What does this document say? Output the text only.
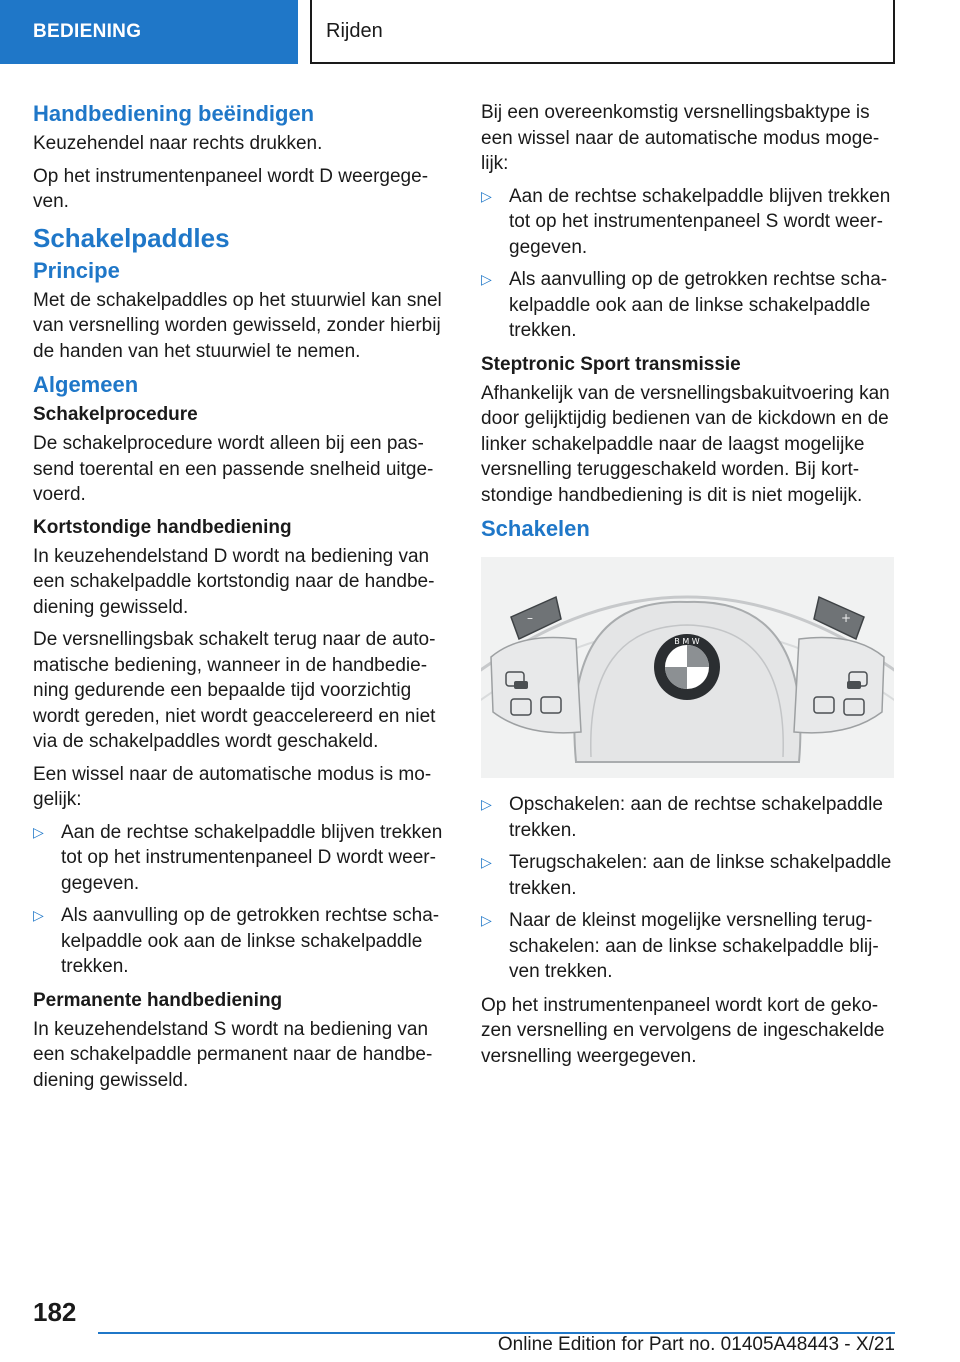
BEDIENING	Rijden
Handbediening beëindigen

Keuzehendel naar rechts drukken.

Op het instrumentenpaneel wordt D weergegeven.

Schakelpaddles
Principe

Met de schakelpaddles op het stuurwiel kan snel van versnelling worden gewisseld, zonder hierbij de handen van het stuurwiel te nemen.

Algemeen
Schakelprocedure

De schakelprocedure wordt alleen bij een passend toerental en een passende snelheid uitgevoerd.

Kortstondige handbediening

In keuzehendelstand D wordt na bediening van een schakelpaddle kortstondig naar de handbediening gewisseld.

De versnellingsbak schakelt terug naar de automatische bediening, wanneer in de handbediening gedurende een bepaalde tijd voorzichtig wordt gereden, niet wordt geaccelereerd en niet via de schakelpaddles wordt geschakeld.

Een wissel naar de automatische modus is mogelijk:

▷ Aan de rechtse schakelpaddle blijven trekken tot op het instrumentenpaneel D wordt weergegeven.
▷ Als aanvulling op de getrokken rechtse schakelpaddle ook aan de linkse schakelpaddle trekken.
Permanente handbediening

In keuzehendelstand S wordt na bediening van een schakelpaddle permanent naar de handbediening gewisseld.

Bij een overeenkomstig versnellingsbaktype is een wissel naar de automatische modus mogelijk:

▷ Aan de rechtse schakelpaddle blijven trekken tot op het instrumentenpaneel S wordt weergegeven.
▷ Als aanvulling op de getrokken rechtse schakelpaddle ook aan de linkse schakelpaddle trekken.
Steptronic Sport transmissie

Afhankelijk van de versnellingsbakuitvoering kan door gelijktijdig bedienen van de kickdown en de linker schakelpaddle naar de laagst mogelijke versnelling teruggeschakeld worden. Bij kortstondige handbediening is dit is niet mogelijk.

Schakelen
–	+
B M W
▷ Opschakelen: aan de rechtse schakelpaddle trekken.
▷ Terugschakelen: aan de linkse schakelpaddle trekken.
▷ Naar de kleinst mogelijke versnelling terugschakelen: aan de linkse schakelpaddle blijven trekken.

Op het instrumentenpaneel wordt kort de gekozen versnelling en vervolgens de ingeschakelde versnelling weergegeven.

182
Online Edition for Part no. 01405A48443 - X/21
